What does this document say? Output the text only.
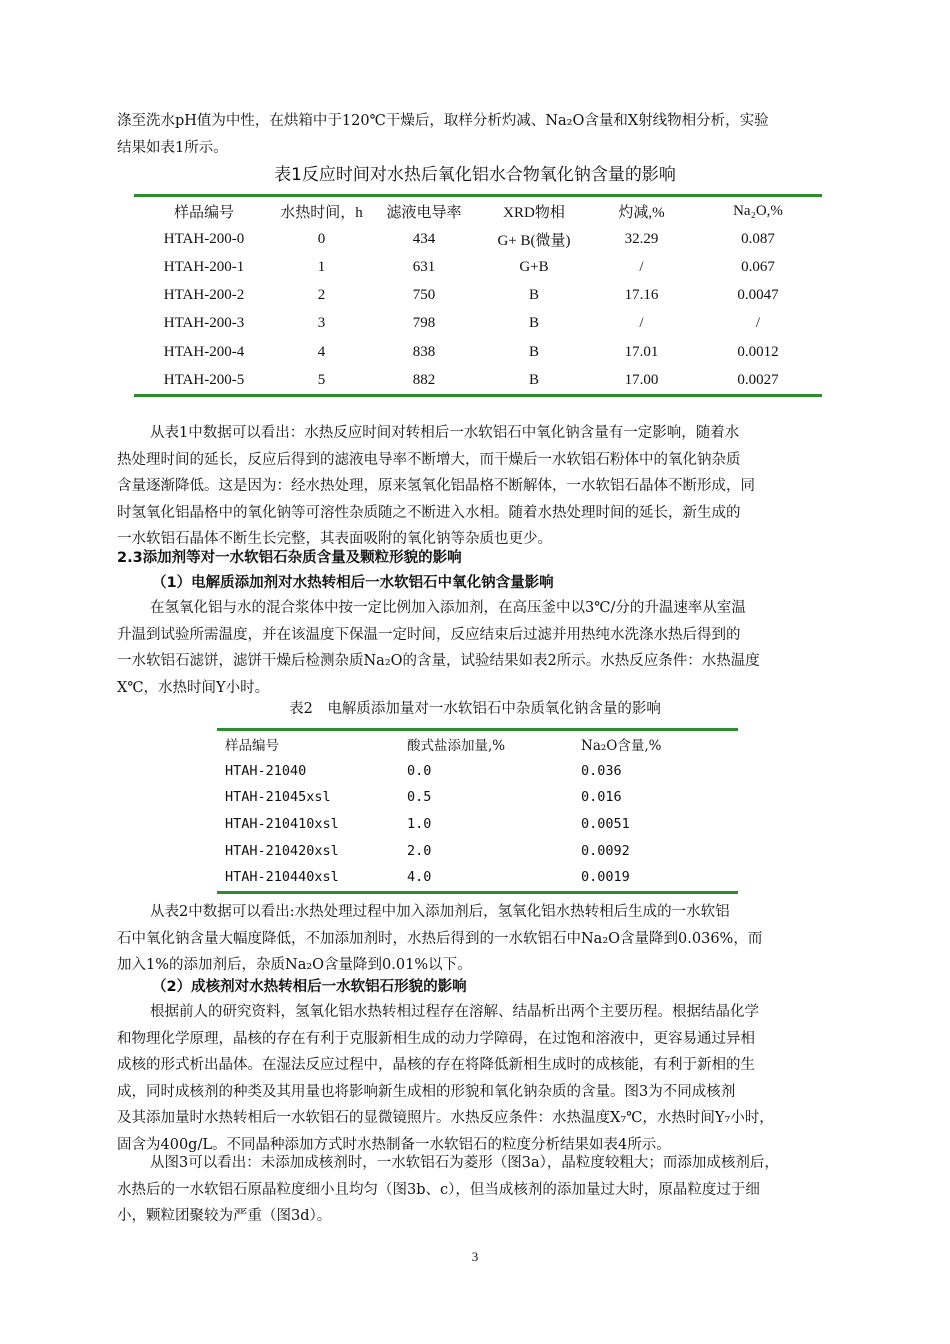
涤至洗水pH值为中性，在烘箱中于120℃干燥后，取样分析灼减、Na₂O含量和X射线物相分析，实验
结果如表1所示。
表1反应时间对水热后氧化铝水合物氧化钠含量的影响
样品编号	水热时间，h	滤液电导率	XRD物相	灼减,%	Na₂O,%
HTAH-200-0	0	434	G+ B(微量)	32.29	0.087
HTAH-200-1	1	631	G+B	/	0.067
HTAH-200-2	2	750	B	17.16	0.0047
HTAH-200-3	3	798	B	/	/
HTAH-200-4	4	838	B	17.01	0.0012
HTAH-200-5	5	882	B	17.00	0.0027
从表1中数据可以看出：水热反应时间对转相后一水软铝石中氧化钠含量有一定影响，随着水
热处理时间的延长，反应后得到的滤液电导率不断增大，而干燥后一水软铝石粉体中的氧化钠杂质
含量逐渐降低。这是因为：经水热处理，原来氢氧化铝晶格不断解体，一水软铝石晶体不断形成，同
时氢氧化铝晶格中的氧化钠等可溶性杂质随之不断进入水相。随着水热处理时间的延长，新生成的
一水软铝石晶体不断生长完整，其表面吸附的氧化钠等杂质也更少。
2.3添加剂等对一水软铝石杂质含量及颗粒形貌的影响
（1）电解质添加剂对水热转相后一水软铝石中氧化钠含量影响
在氢氧化铝与水的混合浆体中按一定比例加入添加剂，在高压釜中以3℃/分的升温速率从室温
升温到试验所需温度，并在该温度下保温一定时间，反应结束后过滤并用热纯水洗涤水热后得到的
一水软铝石滤饼，滤饼干燥后检测杂质Na₂O的含量，试验结果如表2所示。水热反应条件：水热温度
X℃，水热时间Y小时。
表2　电解质添加量对一水软铝石中杂质氧化钠含量的影响
样品编号	酸式盐添加量,%	Na₂O含量,%
HTAH-21040	0.0	0.036
HTAH-21045xsl	0.5	0.016
HTAH-210410xsl	1.0	0.0051
HTAH-210420xsl	2.0	0.0092
HTAH-210440xsl	4.0	0.0019
从表2中数据可以看出:水热处理过程中加入添加剂后，氢氧化铝水热转相后生成的一水软铝
石中氧化钠含量大幅度降低，不加添加剂时，水热后得到的一水软铝石中Na₂O含量降到0.036%，而
加入1%的添加剂后，杂质Na₂O含量降到0.01%以下。
（2）成核剂对水热转相后一水软铝石形貌的影响
根据前人的研究资料，氢氧化铝水热转相过程存在溶解、结晶析出两个主要历程。根据结晶化学
和物理化学原理，晶核的存在有利于克服新相生成的动力学障碍，在过饱和溶液中，更容易通过异相
成核的形式析出晶体。在湿法反应过程中，晶核的存在将降低新相生成时的成核能，有利于新相的生
成，同时成核剂的种类及其用量也将影响新生成相的形貌和氧化钠杂质的含量。图3为不同成核剂
及其添加量时水热转相后一水软铝石的显微镜照片。水热反应条件：水热温度X₇℃，水热时间Y₇小时，
固含为400g/L。不同晶种添加方式时水热制备一水软铝石的粒度分析结果如表4所示。
从图3可以看出：未添加成核剂时，一水软铝石为菱形（图3a），晶粒度较粗大；而添加成核剂后，
水热后的一水软铝石原晶粒度细小且均匀（图3b、c），但当成核剂的添加量过大时，原晶粒度过于细
小，颗粒团聚较为严重（图3d）。
3
